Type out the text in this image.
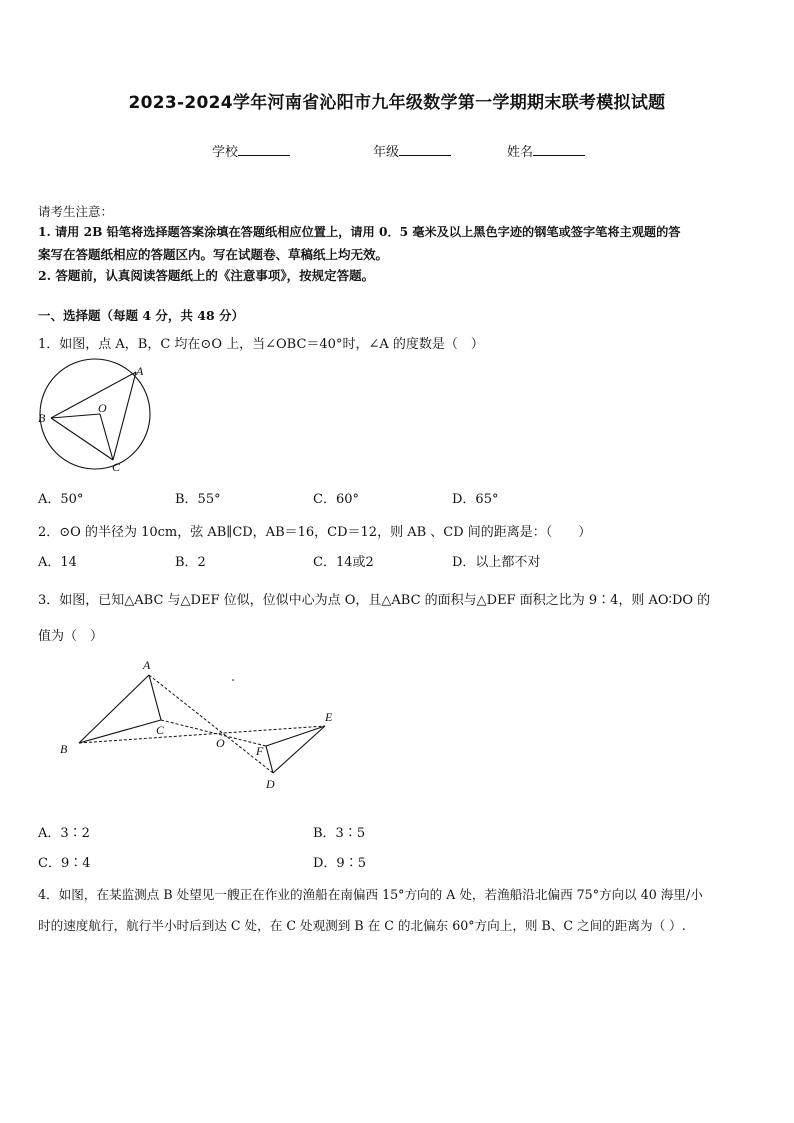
2023-2024学年河南省沁阳市九年级数学第一学期期末联考模拟试题
学校	年级	姓名
请考生注意：
1. 请用 2B 铅笔将选择题答案涂填在答题纸相应位置上，请用 0．5 毫米及以上黑色字迹的钢笔或签字笔将主观题的答
案写在答题纸相应的答题区内。写在试题卷、草稿纸上均无效。
2. 答题前，认真阅读答题纸上的《注意事项》，按规定答题。
一、选择题（每题 4 分，共 48 分）
1．如图，点 A，B，C 均在⊙O 上，当∠OBC＝40°时，∠A 的度数是（　）
A
B
C
O
A．50°	B．55°	C．60°	D．65°
2．⊙O 的半径为 10cm，弦 AB∥CD，AB＝16，CD＝12，则 AB 、CD 间的距离是：（　　）
A．14	B．2	C．14或2	D．以上都不对
3．如图，已知△ABC 与△DEF 位似，位似中心为点 O，且△ABC 的面积与△DEF 面积之比为 9∶4，则 AO∶DO 的
值为（　）
A
B
C
O
F
D
E
A．3∶2	B．3∶5
C．9∶4	D．9∶5
4．如图，在某监测点 B 处望见一艘正在作业的渔船在南偏西 15°方向的 A 处，若渔船沿北偏西 75°方向以 40 海里/小
时的速度航行，航行半小时后到达 C 处，在 C 处观测到 B 在 C 的北偏东 60°方向上，则 B、C 之间的距离为（ ）.
